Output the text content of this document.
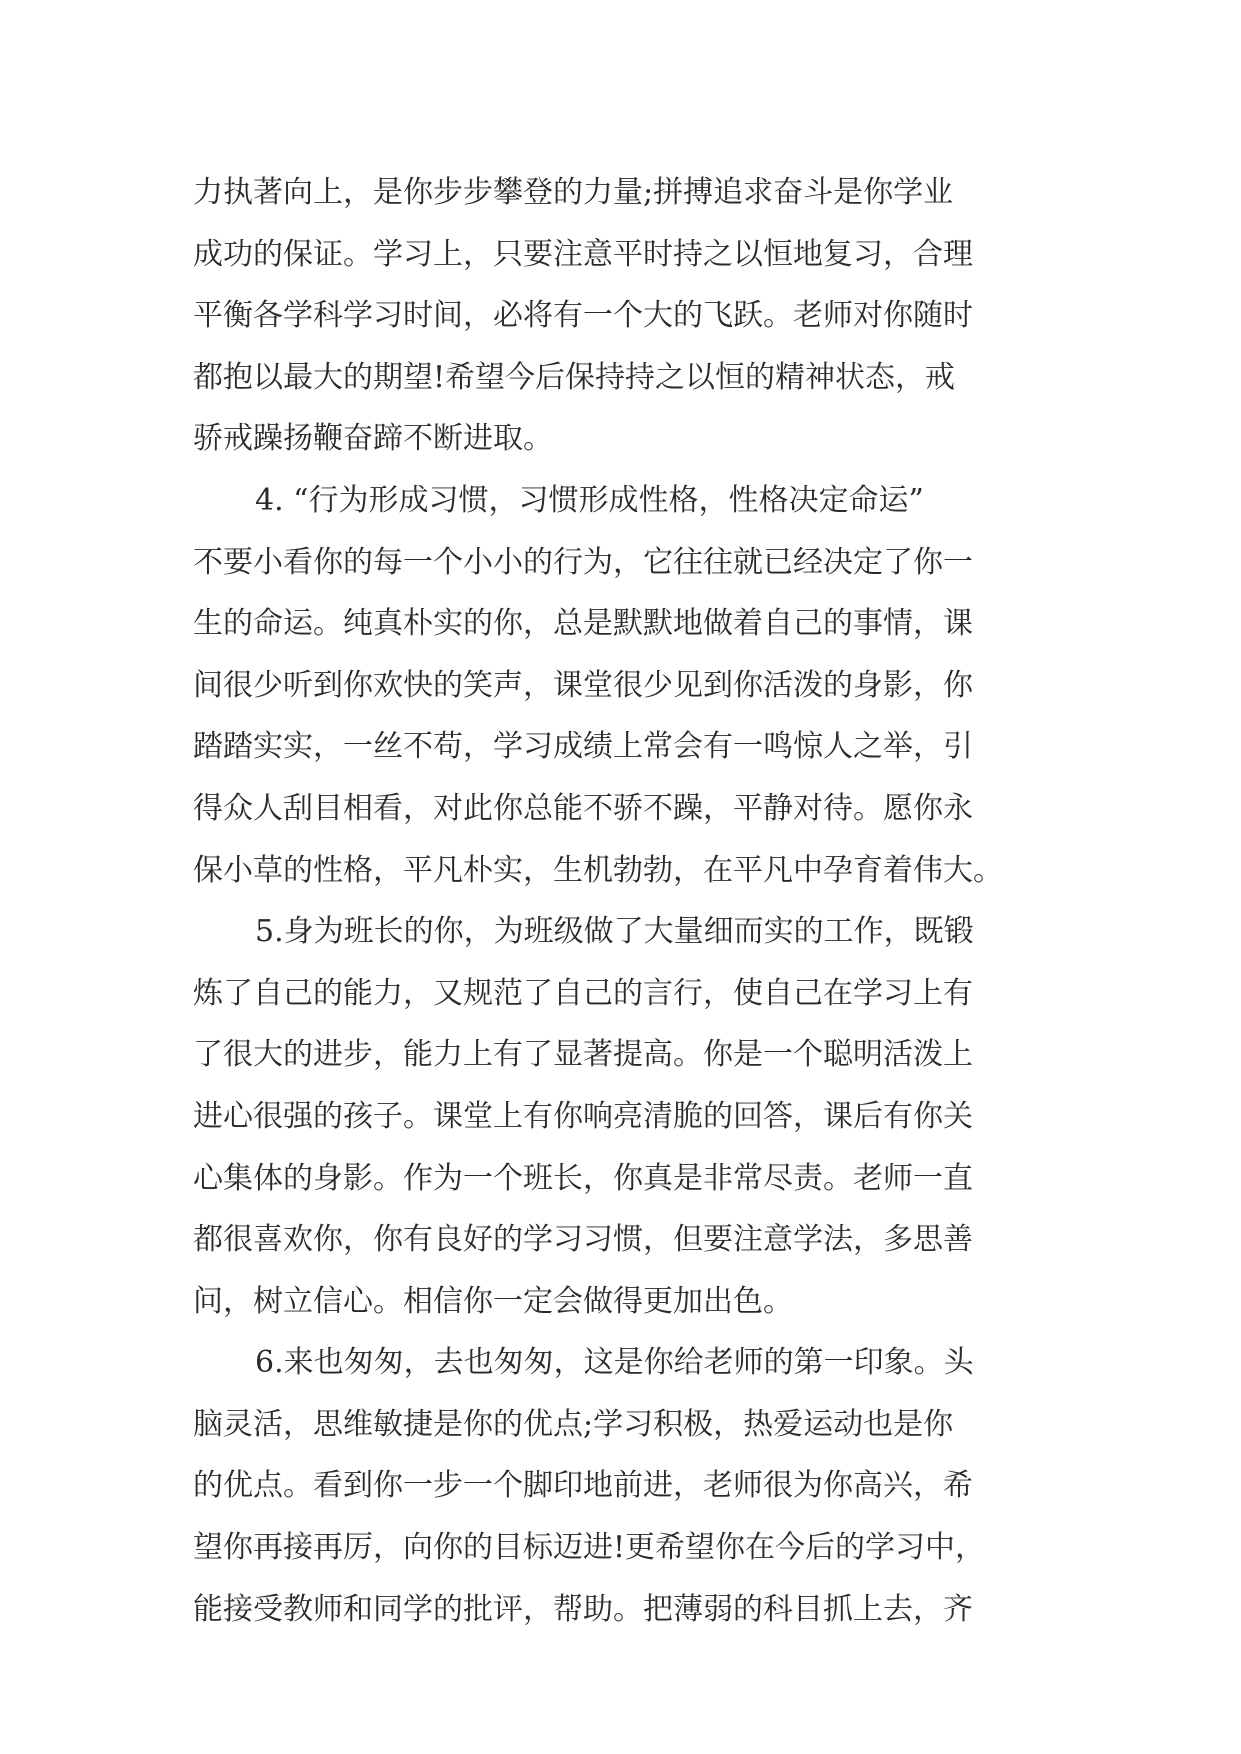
力执著向上，是你步步攀登的力量;拼搏追求奋斗是你学业
成功的保证。学习上，只要注意平时持之以恒地复习，合理
平衡各学科学习时间，必将有一个大的飞跃。老师对你随时
都抱以最大的期望!希望今后保持持之以恒的精神状态，戒
骄戒躁扬鞭奋蹄不断进取。
4. “行为形成习惯，习惯形成性格，性格决定命运”
不要小看你的每一个小小的行为，它往往就已经决定了你一
生的命运。纯真朴实的你，总是默默地做着自己的事情，课
间很少听到你欢快的笑声，课堂很少见到你活泼的身影，你
踏踏实实，一丝不苟，学习成绩上常会有一鸣惊人之举，引
得众人刮目相看，对此你总能不骄不躁，平静对待。愿你永
保小草的性格，平凡朴实，生机勃勃，在平凡中孕育着伟大。
5.身为班长的你，为班级做了大量细而实的工作，既锻
炼了自己的能力，又规范了自己的言行，使自己在学习上有
了很大的进步，能力上有了显著提高。你是一个聪明活泼上
进心很强的孩子。课堂上有你响亮清脆的回答，课后有你关
心集体的身影。作为一个班长，你真是非常尽责。老师一直
都很喜欢你，你有良好的学习习惯，但要注意学法，多思善
问，树立信心。相信你一定会做得更加出色。
6.来也匆匆，去也匆匆，这是你给老师的第一印象。头
脑灵活，思维敏捷是你的优点;学习积极，热爱运动也是你
的优点。看到你一步一个脚印地前进，老师很为你高兴，希
望你再接再厉，向你的目标迈进!更希望你在今后的学习中，
能接受教师和同学的批评，帮助。把薄弱的科目抓上去，齐
